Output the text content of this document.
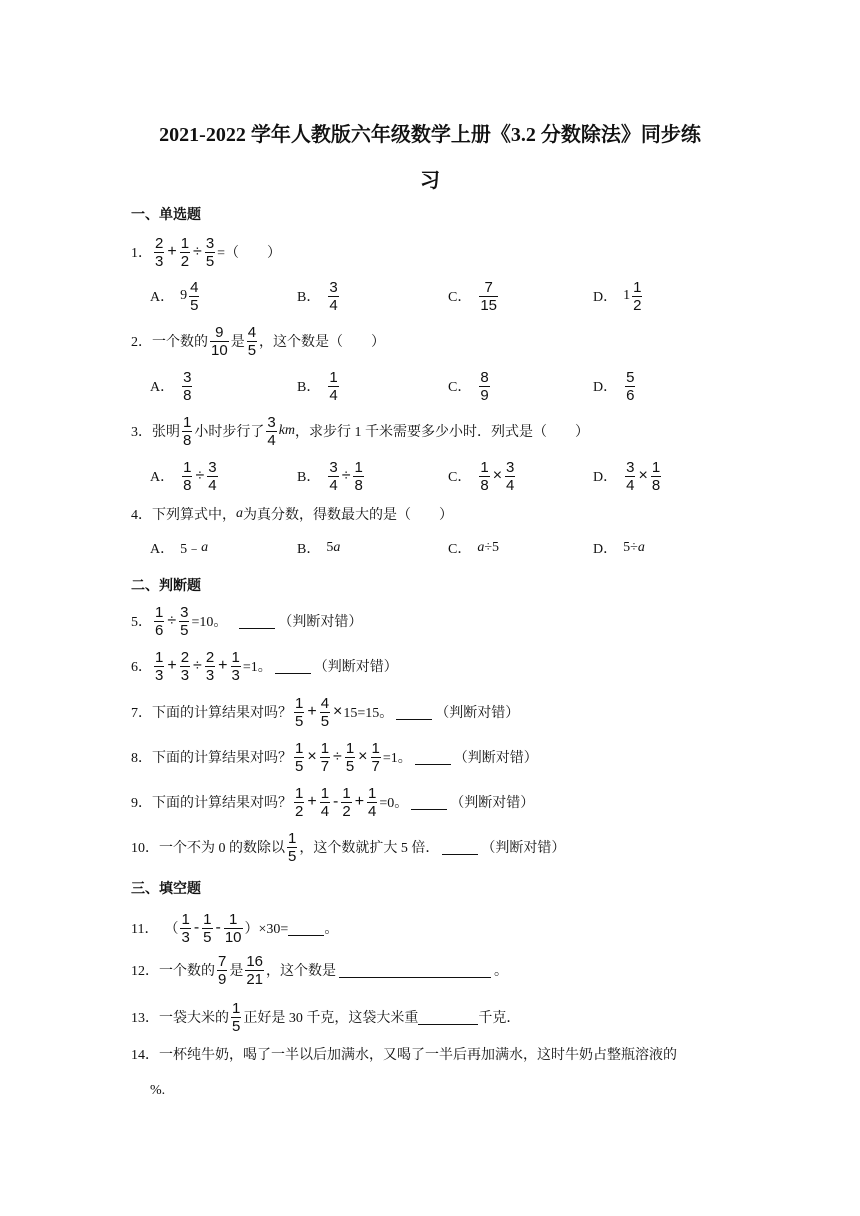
2021-2022 学年人教版六年级数学上册《3.2 分数除法》同步练
习
一、单选题
1． $\frac{2}{3} + \frac{1}{2} \div \frac{3}{5}$ =（　　）
A． $9 \frac{4}{5}$	B． $\frac{3}{4}$	C． $\frac{7}{15}$	D． $1 \frac{1}{2}$
2． 一个数的 $\frac{9}{10}$ 是 $\frac{4}{5}$ ，这个数是（　　）
A． $\frac{3}{8}$	B． $\frac{1}{4}$	C． $\frac{8}{9}$	D． $\frac{5}{6}$
3． 张明 $\frac{1}{8}$ 小时步行了 $\frac{3}{4}$ km ，求步行 1 千米需要多少小时．列式是（　　）
A． $\frac{1}{8} \div \frac{3}{4}$	B． $\frac{3}{4} \div \frac{1}{8}$	C． $\frac{1}{8} \times \frac{3}{4}$	D． $\frac{3}{4} \times \frac{1}{8}$
4． 下列算式中， a 为真分数，得数最大的是（　　）
A． 5﹣ a	B． 5 a	C． a ÷5	D． 5÷ a
二、判断题
5． $\frac{1}{6} \div \frac{3}{5} =10$。	（判断对错）
6． $\frac{1}{3} + \frac{2}{3} \div \frac{2}{3} + \frac{1}{3} =1$。	（判断对错）
7． 下面的计算结果对吗？ $\frac{1}{5} + \frac{4}{5} \times 15=15$。	（判断对错）
8． 下面的计算结果对吗？ $\frac{1}{5} \times \frac{1}{7} \div \frac{1}{5} \times \frac{1}{7} =1$。	（判断对错）
9． 下面的计算结果对吗？ $\frac{1}{2} + \frac{1}{4} - \frac{1}{2} + \frac{1}{4} =0$。	（判断对错）
10． 一个不为 0 的数除以 $\frac{1}{5}$ ，这个数就扩大 5 倍．	（判断对错）
三、填空题
11． （ $\frac{1}{3} - \frac{1}{5} - \frac{1}{10} )\times 30=$	。
12． 一个数的 $\frac{7}{9}$ 是 $\frac{16}{21}$ ，这个数是	。
13． 一袋大米的 $\frac{1}{5}$ 正好是 30 千克，这袋大米重	千克．
14． 一杯纯牛奶，喝了一半以后加满水，又喝了一半后再加满水，这时牛奶占整瓶溶液的
%.
